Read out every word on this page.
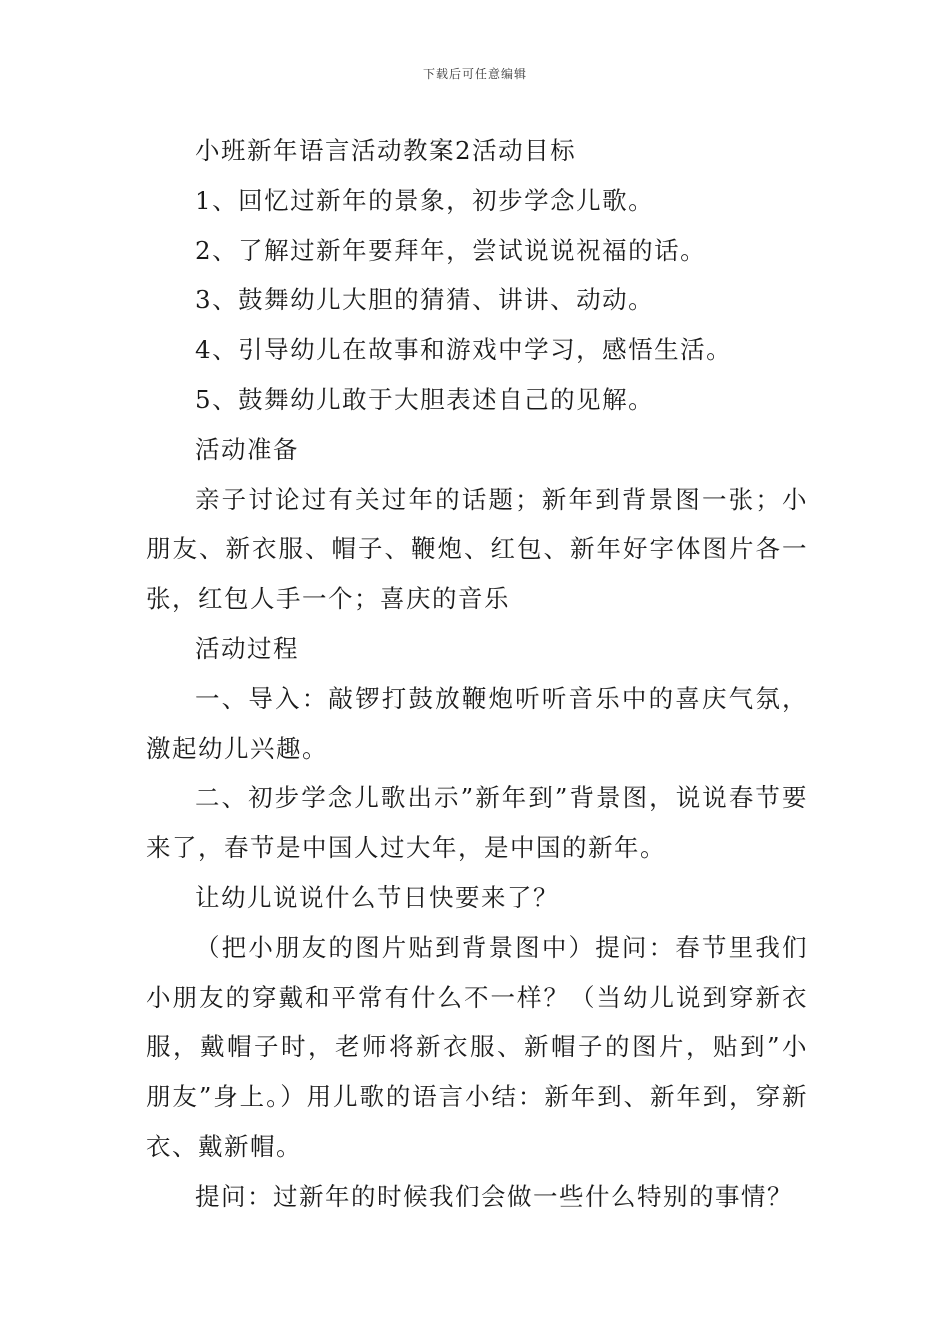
下载后可任意编辑

小班新年语言活动教案2活动目标

1、回忆过新年的景象，初步学念儿歌。

2、了解过新年要拜年，尝试说说祝福的话。

3、鼓舞幼儿大胆的猜猜、讲讲、动动。

4、引导幼儿在故事和游戏中学习，感悟生活。

5、鼓舞幼儿敢于大胆表述自己的见解。

活动准备

亲子讨论过有关过年的话题；新年到背景图一张；小朋友、新衣服、帽子、鞭炮、红包、新年好字体图片各一张，红包人手一个；喜庆的音乐

活动过程

一、导入：敲锣打鼓放鞭炮听听音乐中的喜庆气氛，激起幼儿兴趣。

二、初步学念儿歌出示”新年到”背景图，说说春节要来了，春节是中国人过大年，是中国的新年。

让幼儿说说什么节日快要来了？

（把小朋友的图片贴到背景图中）提问：春节里我们小朋友的穿戴和平常有什么不一样？（当幼儿说到穿新衣服，戴帽子时，老师将新衣服、新帽子的图片，贴到”小朋友”身上。）用儿歌的语言小结：新年到、新年到，穿新衣、戴新帽。

提问：过新年的时候我们会做一些什么特别的事情？
